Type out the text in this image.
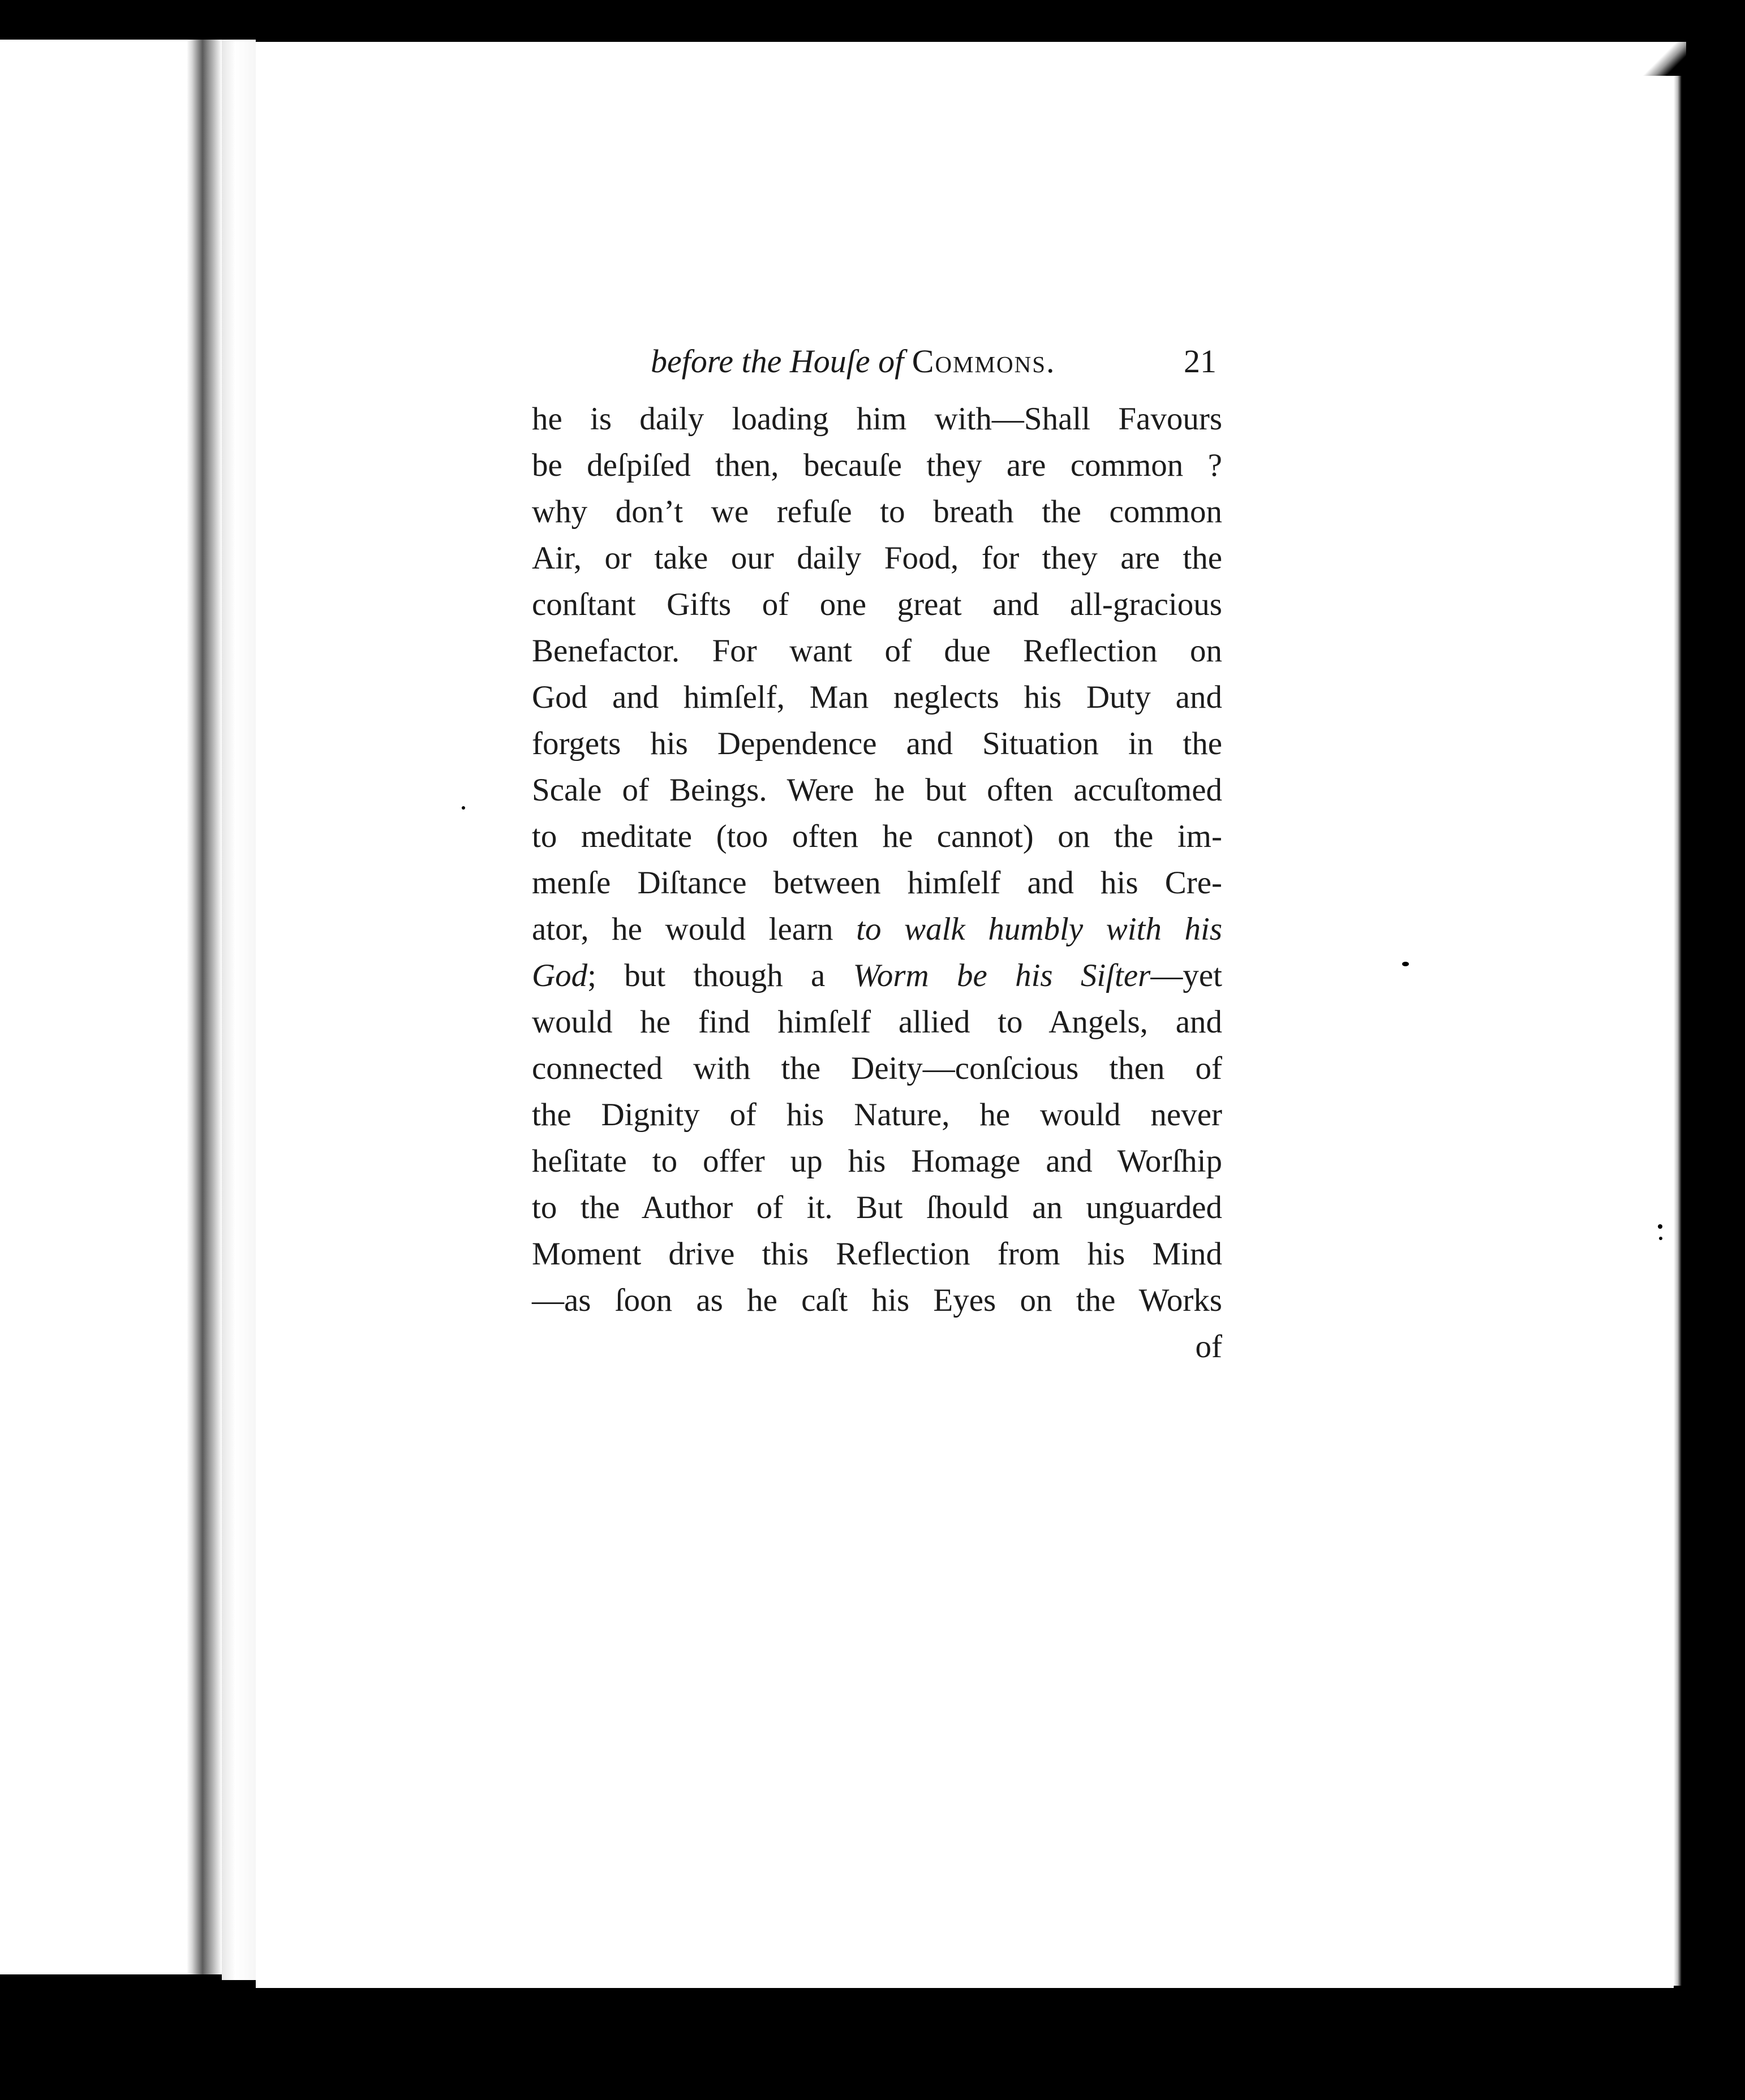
before the Houſe of Commons.	21
he is daily loading him with—Shall Favours
be deſpiſed then, becauſe they are common ?
why don’t we refuſe to breath the common
Air, or take our daily Food, for they are the
conſtant Gifts of one great and all-gracious
Benefactor. For want of due Reflection on
God and himſelf, Man neglects his Duty and
forgets his Dependence and Situation in the
Scale of Beings. Were he but often accuſtomed
to meditate (too often he cannot) on the im-
menſe Diſtance between himſelf and his Cre-
ator, he would learn to walk humbly with his
God; but though a Worm be his Siſter—yet
would he find himſelf allied to Angels, and
connected with the Deity—conſcious then of
the Dignity of his Nature, he would never
heſitate to offer up his Homage and Worſhip
to the Author of it. But ſhould an unguarded
Moment drive this Reflection from his Mind
—as ſoon as he caſt his Eyes on the Works
of
